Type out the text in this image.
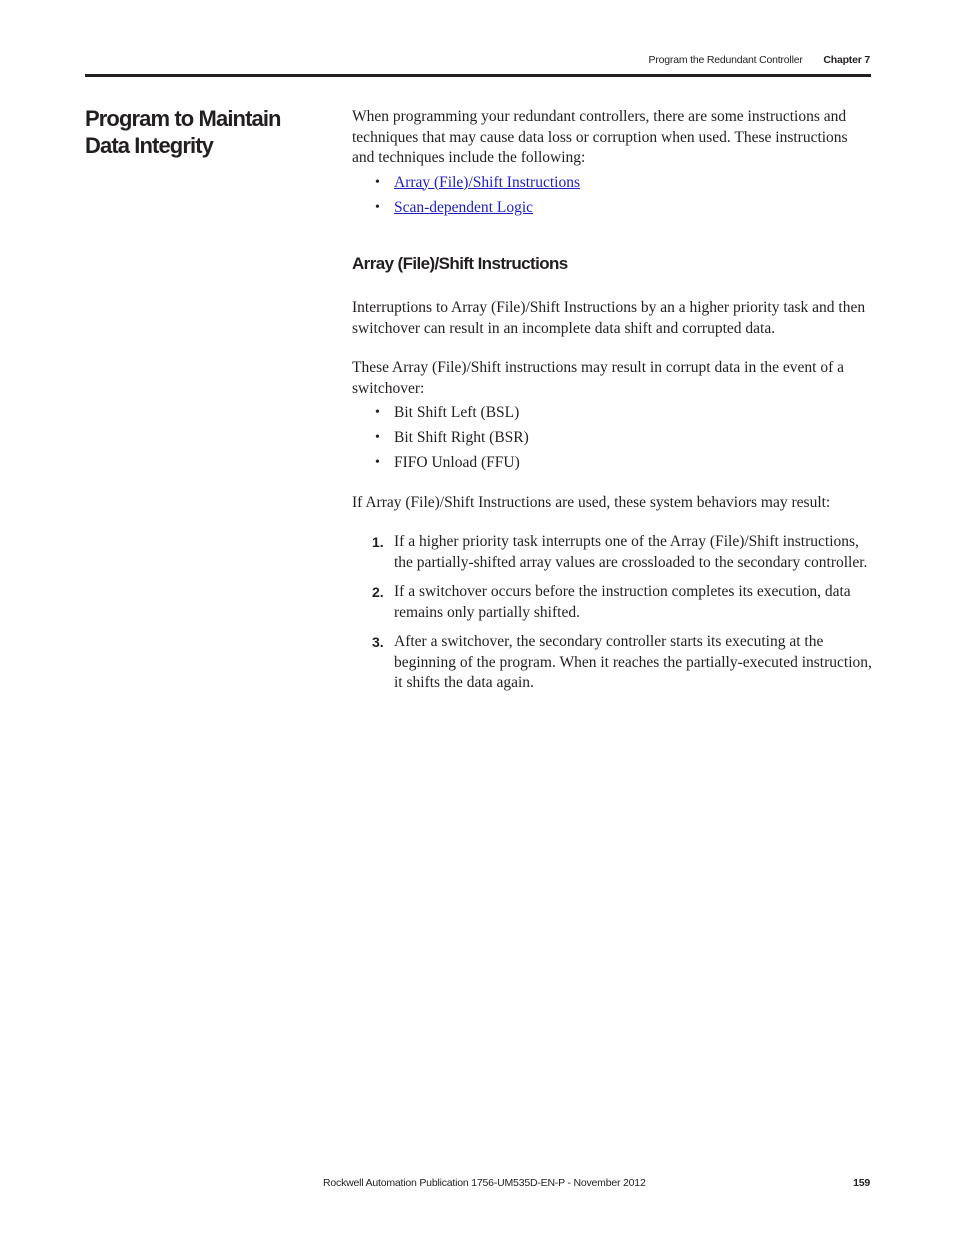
Program the Redundant Controller Chapter 7
Program to Maintain Data Integrity

When programming your redundant controllers, there are some instructions and techniques that may cause data loss or corruption when used. These instructions and techniques include the following:

• Array (File)/Shift Instructions
• Scan-dependent Logic
Array (File)/Shift Instructions

Interruptions to Array (File)/Shift Instructions by an a higher priority task and then switchover can result in an incomplete data shift and corrupted data.

These Array (File)/Shift instructions may result in corrupt data in the event of a switchover:

• Bit Shift Left (BSL)
• Bit Shift Right (BSR)
• FIFO Unload (FFU)

If Array (File)/Shift Instructions are used, these system behaviors may result:

1. If a higher priority task interrupts one of the Array (File)/Shift instructions, the partially-shifted array values are crossloaded to the secondary controller.
2. If a switchover occurs before the instruction completes its execution, data remains only partially shifted.
3. After a switchover, the secondary controller starts its executing at the beginning of the program. When it reaches the partially-executed instruction, it shifts the data again.
Rockwell Automation Publication 1756-UM535D-EN-P - November 2012	159
